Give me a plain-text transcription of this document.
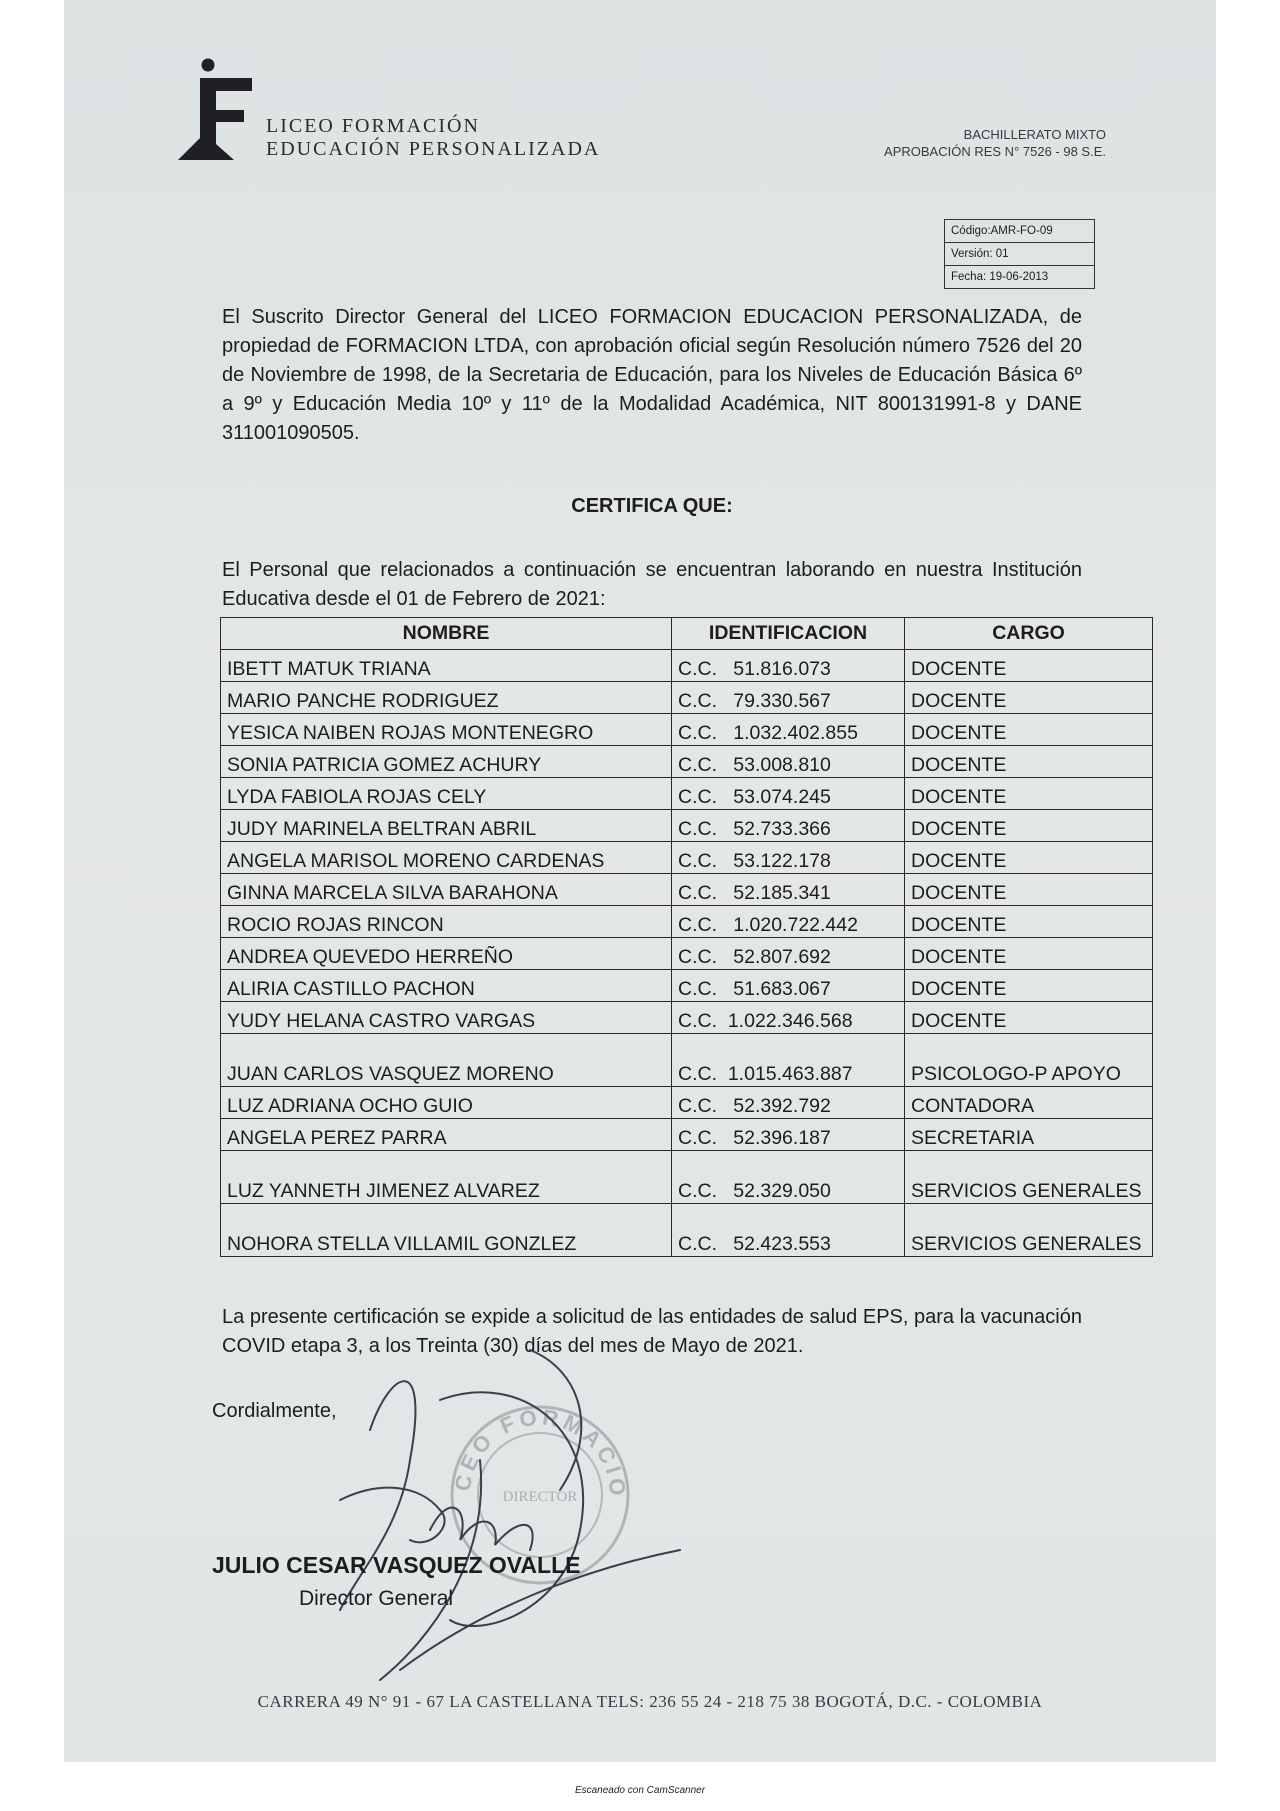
LICEO FORMACIÓN
EDUCACIÓN PERSONALIZADA
BACHILLERATO MIXTO
APROBACIÓN RES N° 7526 - 98 S.E.
Código:AMR-FO-09
Versión: 01
Fecha: 19-06-2013

El Suscrito Director General del LICEO FORMACION EDUCACION PERSONALIZADA, de propiedad de FORMACION LTDA, con aprobación oficial según Resolución número 7526 del 20 de Noviembre de 1998, de la Secretaria de Educación, para los Niveles de Educación Básica 6º a 9º y Educación Media 10º y 11º de la Modalidad Académica, NIT 800131991-8 y DANE 311001090505.

CERTIFICA QUE:

El Personal que relacionados a continuación se encuentran laborando en nuestra Institución Educativa desde el 01 de Febrero de 2021:

NOMBRE	IDENTIFICACION	CARGO
IBETT MATUK TRIANA	C.C.   51.816.073	DOCENTE
MARIO PANCHE RODRIGUEZ	C.C.   79.330.567	DOCENTE
YESICA NAIBEN ROJAS MONTENEGRO	C.C.   1.032.402.855	DOCENTE
SONIA PATRICIA GOMEZ ACHURY	C.C.   53.008.810	DOCENTE
LYDA FABIOLA ROJAS CELY	C.C.   53.074.245	DOCENTE
JUDY MARINELA BELTRAN ABRIL	C.C.   52.733.366	DOCENTE
ANGELA MARISOL MORENO CARDENAS	C.C.   53.122.178	DOCENTE
GINNA MARCELA SILVA BARAHONA	C.C.   52.185.341	DOCENTE
ROCIO ROJAS RINCON	C.C.   1.020.722.442	DOCENTE
ANDREA QUEVEDO HERREÑO	C.C.   52.807.692	DOCENTE
ALIRIA CASTILLO PACHON	C.C.   51.683.067	DOCENTE
YUDY HELANA CASTRO VARGAS	C.C.  1.022.346.568	DOCENTE
JUAN CARLOS VASQUEZ MORENO	C.C.  1.015.463.887	PSICOLOGO-P APOYO
LUZ ADRIANA OCHO GUIO	C.C.   52.392.792	CONTADORA
ANGELA PEREZ PARRA	C.C.   52.396.187	SECRETARIA
LUZ YANNETH JIMENEZ ALVAREZ	C.C.   52.329.050	SERVICIOS GENERALES
NOHORA STELLA VILLAMIL GONZLEZ	C.C.   52.423.553	SERVICIOS GENERALES

La presente certificación se expide a solicitud de las entidades de salud EPS, para la vacunación COVID etapa 3, a los Treinta (30) días del mes de Mayo de 2021.

Cordialmente,
CEO FORMACIO
DIRECTOR
JULIO CESAR VASQUEZ OVALLE
Director General
CARRERA 49 N° 91 - 67 LA CASTELLANA TELS: 236 55 24 - 218 75 38 BOGOTÁ, D.C. - COLOMBIA
Escaneado con CamScanner
